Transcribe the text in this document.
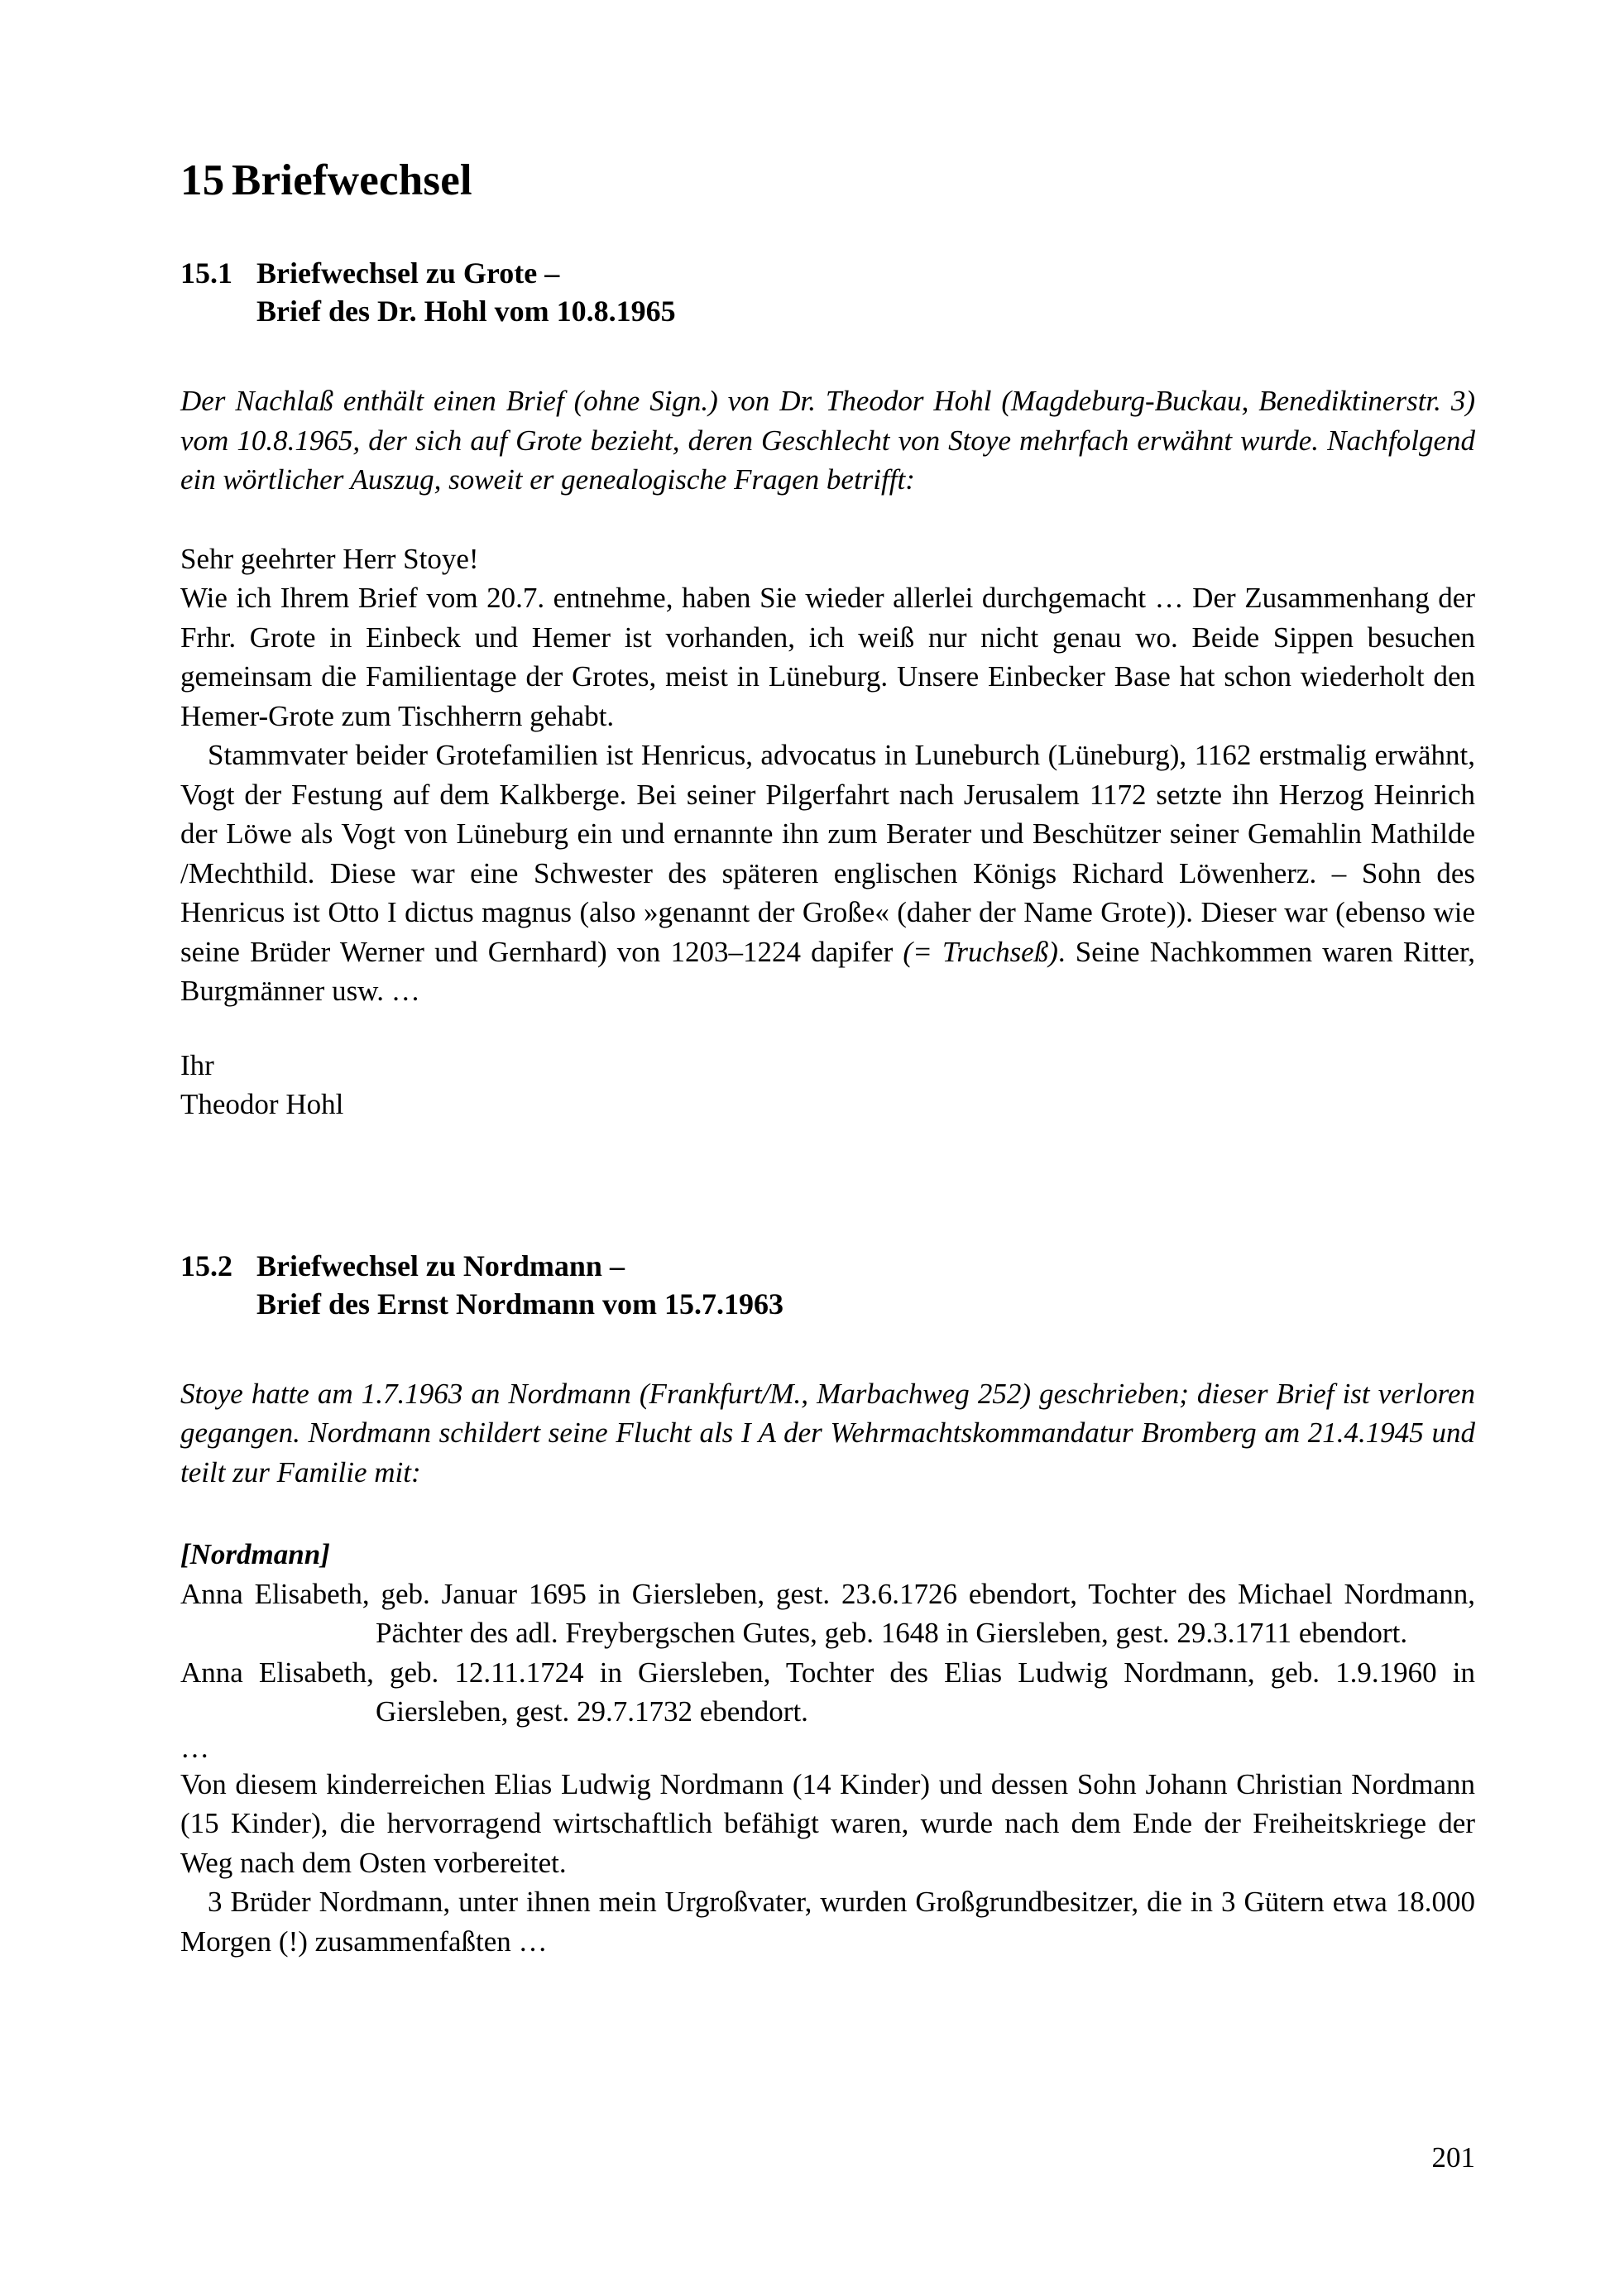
15 Briefwechsel
15.1 Briefwechsel zu Grote –
Brief des Dr. Hohl vom 10.8.1965

Der Nachlaß enthält einen Brief (ohne Sign.) von Dr. Theodor Hohl (Magdeburg-Buckau, Benediktinerstr. 3) vom 10.8.1965, der sich auf Grote bezieht, deren Geschlecht von Stoye mehrfach erwähnt wurde. Nachfolgend ein wörtlicher Auszug, soweit er genealogische Fragen betrifft:

Sehr geehrter Herr Stoye!

Wie ich Ihrem Brief vom 20.7. entnehme, haben Sie wieder allerlei durchgemacht … Der Zusammenhang der Frhr. Grote in Einbeck und Hemer ist vorhanden, ich weiß nur nicht genau wo. Beide Sippen besuchen gemeinsam die Familientage der Grotes, meist in Lüneburg. Unsere Einbecker Base hat schon wiederholt den Hemer-Grote zum Tischherrn gehabt.

Stammvater beider Grotefamilien ist Henricus, advocatus in Luneburch (Lüneburg), 1162 erstmalig erwähnt, Vogt der Festung auf dem Kalkberge. Bei seiner Pilgerfahrt nach Jerusalem 1172 setzte ihn Herzog Heinrich der Löwe als Vogt von Lüneburg ein und ernannte ihn zum Berater und Beschützer seiner Gemahlin Mathilde /Mechthild. Diese war eine Schwester des späteren englischen Königs Richard Löwenherz. – Sohn des Henricus ist Otto I dictus magnus (also »genannt der Große« (daher der Name Grote)). Dieser war (ebenso wie seine Brüder Werner und Gernhard) von 1203–1224 dapifer (= Truchseß). Seine Nachkommen waren Ritter, Burgmänner usw. …

Ihr

Theodor Hohl

15.2 Briefwechsel zu Nordmann –
Brief des Ernst Nordmann vom 15.7.1963

Stoye hatte am 1.7.1963 an Nordmann (Frankfurt/M., Marbachweg 252) geschrieben; dieser Brief ist verloren gegangen. Nordmann schildert seine Flucht als I A der Wehrmachtskommandatur Bromberg am 21.4.1945 und teilt zur Familie mit:

[Nordmann]

Anna Elisabeth, geb. Januar 1695 in Giersleben, gest. 23.6.1726 ebendort, Tochter des Michael Nordmann, Pächter des adl. Freybergschen Gutes, geb. 1648 in Giersleben, gest. 29.3.1711 ebendort.

Anna Elisabeth, geb. 12.11.1724 in Giersleben, Tochter des Elias Ludwig Nordmann, geb. 1.9.1960 in Giersleben, gest. 29.7.1732 ebendort.

…

Von diesem kinderreichen Elias Ludwig Nordmann (14 Kinder) und dessen Sohn Johann Christian Nordmann (15 Kinder), die hervorragend wirtschaftlich befähigt waren, wurde nach dem Ende der Freiheitskriege der Weg nach dem Osten vorbereitet.

3 Brüder Nordmann, unter ihnen mein Urgroßvater, wurden Großgrundbesitzer, die in 3 Gütern etwa 18.000 Morgen (!) zusammenfaßten …

201
